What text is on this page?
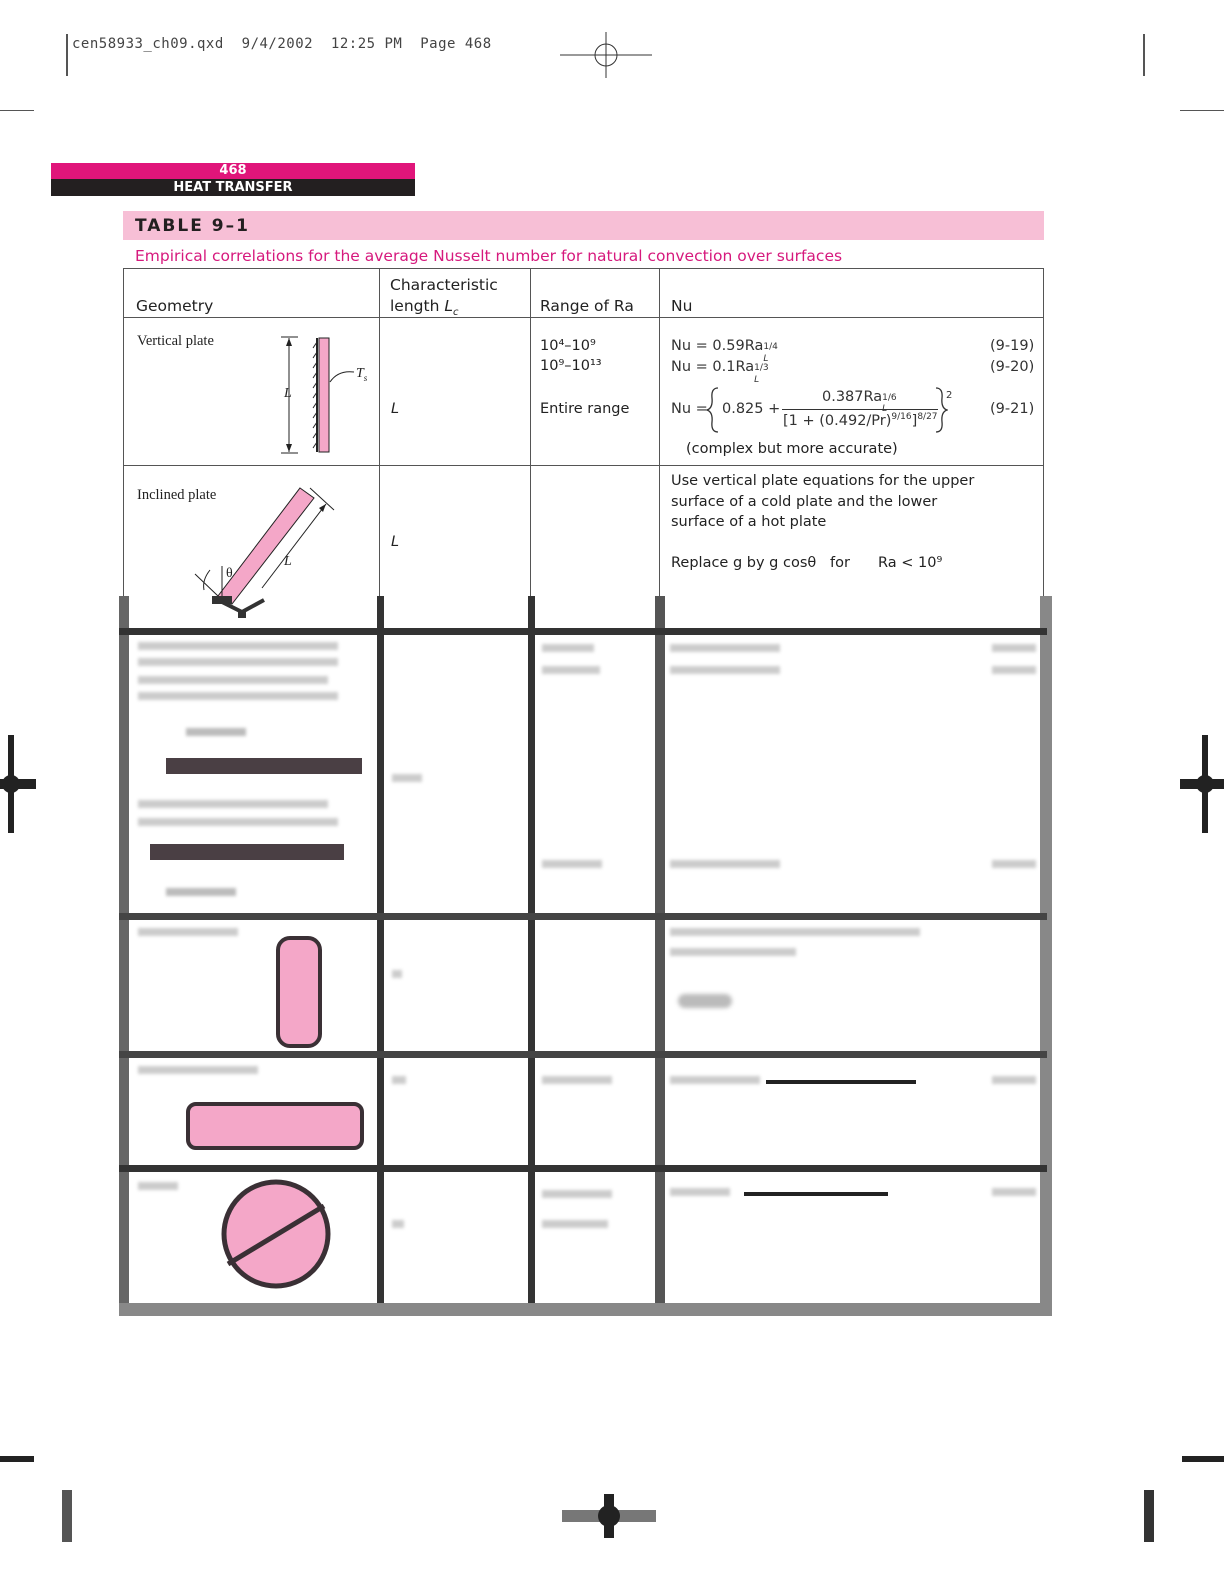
cen58933_ch09.qxd  9/4/2002  12:25 PM  Page 468
468
HEAT TRANSFER
TABLE 9–1
Empirical correlations for the average Nusselt number for natural convection over surfaces
Geometry
Characteristic
length $L_c$	Range of Ra Nu
Vertical plate
L
$T_s$
L
10⁴–10⁹
10⁹–10¹³
Entire range
Nu = 0.59Ra 1/4
L
Nu = 0.1Ra 1/3
L
Nu = 0.825 +
0.387Ra 1/6
$[1 + (0.492/Pr)^{9/16}]^{8/27}$
2
(9-19)
(9-20)
(9-21)
(complex but more accurate)
Inclined plate
θ
L
L
Use vertical plate equations for the upper
surface of a cold plate and the lower
surface of a hot plate
Replace g by g cosθ for Ra < 10⁹
